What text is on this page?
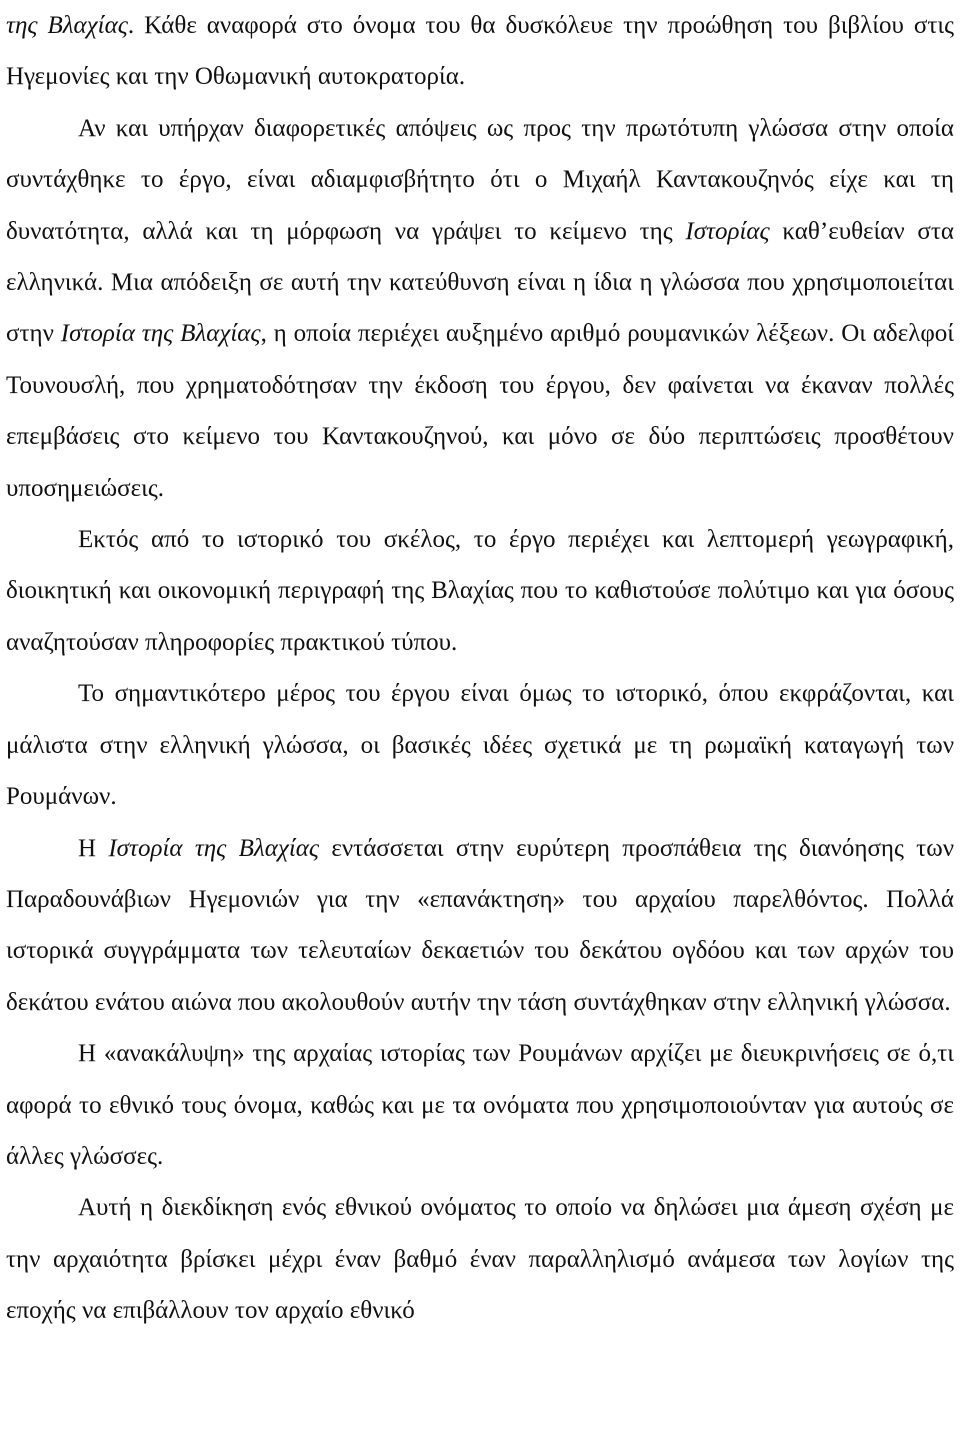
της Βλαχίας. Κάθε αναφορά στο όνομα του θα δυσκόλευε την προώθηση του βιβλίου στις Ηγεμονίες και την Οθωμανική αυτοκρατορία.

Αν και υπήρχαν διαφορετικές απόψεις ως προς την πρωτότυπη γλώσσα στην οποία συντάχθηκε το έργο, είναι αδιαμφισβήτητο ότι ο Μιχαήλ Καντακουζηνός είχε και τη δυνατότητα, αλλά και τη μόρφωση να γράψει το κείμενο της Ιστορίας καθ’ευθείαν στα ελληνικά. Μια απόδειξη σε αυτή την κατεύθυνση είναι η ίδια η γλώσσα που χρησιμοποιείται στην Ιστορία της Βλαχίας, η οποία περιέχει αυξημένο αριθμό ρουμανικών λέξεων. Οι αδελφοί Τουνουσλή, που χρηματοδότησαν την έκδοση του έργου, δεν φαίνεται να έκαναν πολλές επεμβάσεις στο κείμενο του Καντακουζηνού, και μόνο σε δύο περιπτώσεις προσθέτουν υποσημειώσεις.

Εκτός από το ιστορικό του σκέλος, το έργο περιέχει και λεπτομερή γεωγραφική, διοικητική και οικονομική περιγραφή της Βλαχίας που το καθιστούσε πολύτιμο και για όσους αναζητούσαν πληροφορίες πρακτικού τύπου.

Το σημαντικότερο μέρος του έργου είναι όμως το ιστορικό, όπου εκφράζονται, και μάλιστα στην ελληνική γλώσσα, οι βασικές ιδέες σχετικά με τη ρωμαϊκή καταγωγή των Ρουμάνων.

Η Ιστορία της Βλαχίας εντάσσεται στην ευρύτερη προσπάθεια της διανόησης των Παραδουνάβιων Ηγεμονιών για την «επανάκτηση» του αρχαίου παρελθόντος. Πολλά ιστορικά συγγράμματα των τελευταίων δεκαετιών του δεκάτου ογδόου και των αρχών του δεκάτου ενάτου αιώνα που ακολουθούν αυτήν την τάση συντάχθηκαν στην ελληνική γλώσσα.

Η «ανακάλυψη» της αρχαίας ιστορίας των Ρουμάνων αρχίζει με διευκρινήσεις σε ό,τι αφορά το εθνικό τους όνομα, καθώς και με τα ονόματα που χρησιμοποιούνταν για αυτούς σε άλλες γλώσσες.

Αυτή η διεκδίκηση ενός εθνικού ονόματος το οποίο να δηλώσει μια άμεση σχέση με την αρχαιότητα βρίσκει μέχρι έναν βαθμό έναν παραλληλισμό ανάμεσα των λογίων της εποχής να επιβάλλουν τον αρχαίο εθνικό
